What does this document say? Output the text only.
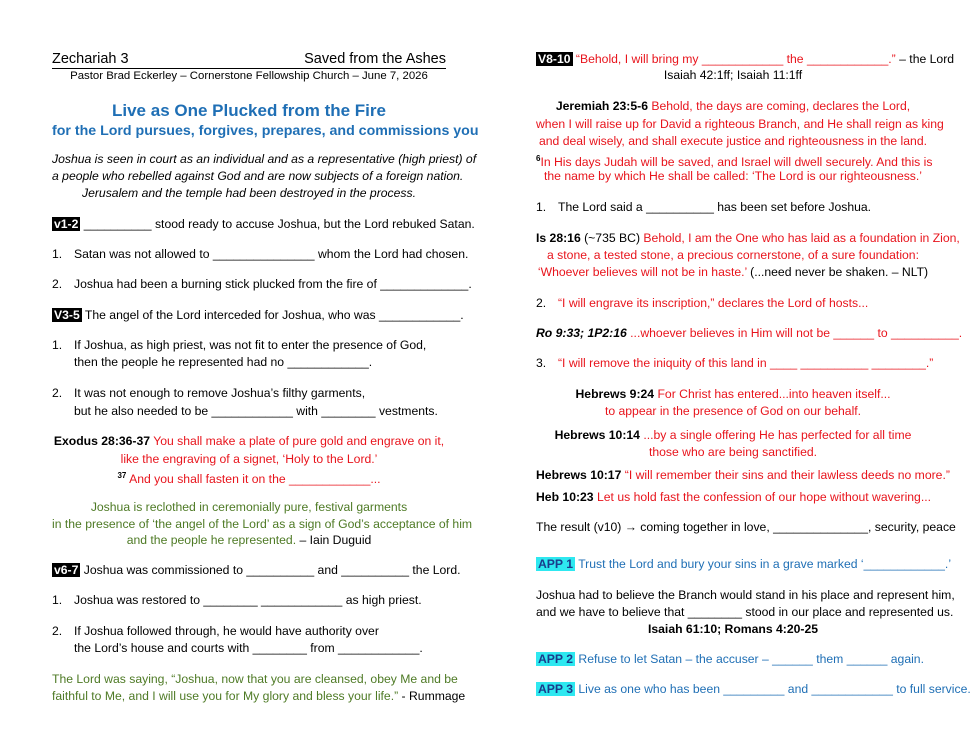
Zechariah 3	Saved from the Ashes
Pastor Brad Eckerley – Cornerstone Fellowship Church – June 7, 2026
Live as One Plucked from the Fire
for the Lord pursues, forgives, prepares, and commissions you
Joshua is seen in court as an individual and as a representative (high priest) of
a people who rebelled against God and are now subjects of a foreign nation.
Jerusalem and the temple had been destroyed in the process.
v1-2 __________ stood ready to accuse Joshua, but the Lord rebuked Satan.
1. Satan was not allowed to _______________ whom the Lord had chosen.
2. Joshua had been a burning stick plucked from the fire of _____________.
V3-5 The angel of the Lord interceded for Joshua, who was ____________.
1. If Joshua, as high priest, was not fit to enter the presence of God,
then the people he represented had no ____________.
2. It was not enough to remove Joshua’s filthy garments,
but he also needed to be ____________ with ________ vestments.
Exodus 28:36-37 You shall make a plate of pure gold and engrave on it,
like the engraving of a signet, ‘Holy to the Lord.’
$^{37}$ And you shall fasten it on the ____________...
Joshua is reclothed in ceremonially pure, festival garments
in the presence of ‘the angel of the Lord’ as a sign of God’s acceptance of him
and the people he represented. – Iain Duguid
v6-7 Joshua was commissioned to __________ and __________ the Lord.
1. Joshua was restored to ________ ____________ as high priest.
2. If Joshua followed through, he would have authority over
the Lord’s house and courts with ________ from ____________.
The Lord was saying, “Joshua, now that you are cleansed, obey Me and be
faithful to Me, and I will use you for My glory and bless your life.” - Rummage
V8-10 “Behold, I will bring my ____________ the ____________.” – the Lord
Isaiah 42:1ff; Isaiah 11:1ff
Jeremiah 23:5-6 Behold, the days are coming, declares the Lord,
when I will raise up for David a righteous Branch, and He shall reign as king
and deal wisely, and shall execute justice and righteousness in the land.
$^6$In His days Judah will be saved, and Israel will dwell securely. And this is
the name by which He shall be called: ‘The Lord is our righteousness.’
1. The Lord said a __________ has been set before Joshua.
Is 28:16 (~735 BC) Behold, I am the One who has laid as a foundation in Zion,
a stone, a tested stone, a precious cornerstone, of a sure foundation:
‘Whoever believes will not be in haste.’ (...need never be shaken. – NLT)
2. “I will engrave its inscription,” declares the Lord of hosts...
Ro 9:33; 1P2:16 ...whoever believes in Him will not be ______ to __________.
3. “I will remove the iniquity of this land in ____ __________ ________.”
Hebrews 9:24 For Christ has entered...into heaven itself...
to appear in the presence of God on our behalf.
Hebrews 10:14 ...by a single offering He has perfected for all time
those who are being sanctified.
Hebrews 10:17 “I will remember their sins and their lawless deeds no more.”
Heb 10:23 Let us hold fast the confession of our hope without wavering...
The result (v10) → coming together in love, ______________, security, peace
APP 1 Trust the Lord and bury your sins in a grave marked ‘____________.’
Joshua had to believe the Branch would stand in his place and represent him,
and we have to believe that ________ stood in our place and represented us.
Isaiah 61:10; Romans 4:20-25
APP 2 Refuse to let Satan – the accuser – ______ them ______ again.
APP 3 Live as one who has been _________ and ____________ to full service.
